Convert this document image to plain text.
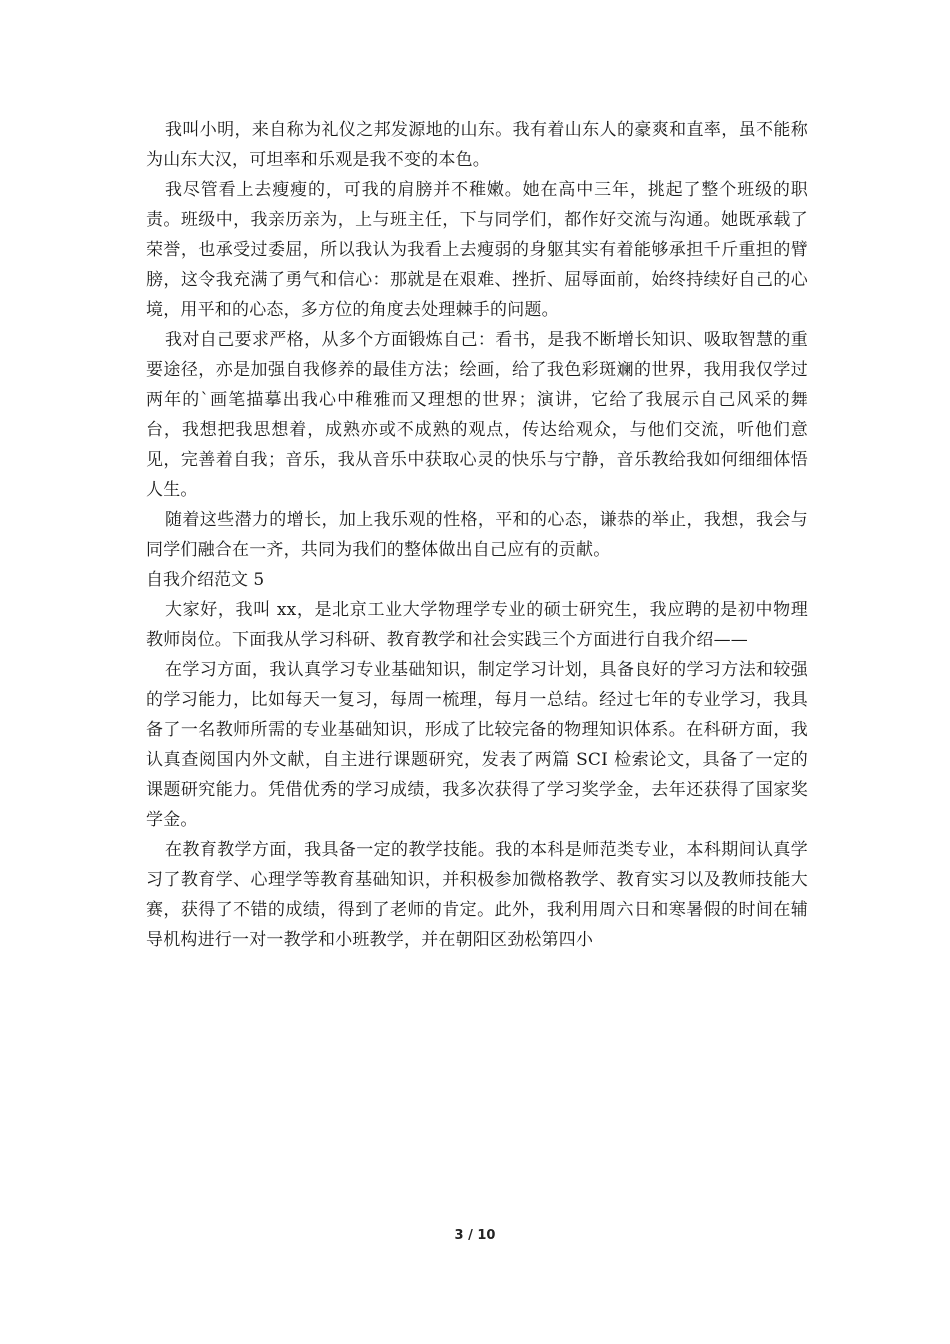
我叫小明，来自称为礼仪之邦发源地的山东。我有着山东人的豪爽和直率，虽不能称为山东大汉，可坦率和乐观是我不变的本色。

我尽管看上去瘦瘦的，可我的肩膀并不稚嫩。她在高中三年，挑起了整个班级的职责。班级中，我亲历亲为，上与班主任，下与同学们，都作好交流与沟通。她既承载了荣誉，也承受过委屈，所以我认为我看上去瘦弱的身躯其实有着能够承担千斤重担的臂膀，这令我充满了勇气和信心：那就是在艰难、挫折、屈辱面前，始终持续好自己的心境，用平和的心态，多方位的角度去处理棘手的问题。

我对自己要求严格，从多个方面锻炼自己：看书，是我不断增长知识、吸取智慧的重要途径，亦是加强自我修养的最佳方法；绘画，给了我色彩斑斓的世界，我用我仅学过两年的`画笔描摹出我心中稚雅而又理想的世界；演讲，它给了我展示自己风采的舞台，我想把我思想着，成熟亦或不成熟的观点，传达给观众，与他们交流，听他们意见，完善着自我；音乐，我从音乐中获取心灵的快乐与宁静，音乐教给我如何细细体悟人生。

随着这些潜力的增长，加上我乐观的性格，平和的心态，谦恭的举止，我想，我会与同学们融合在一齐，共同为我们的整体做出自己应有的贡献。

自我介绍范文 5

大家好，我叫 xx，是北京工业大学物理学专业的硕士研究生，我应聘的是初中物理教师岗位。下面我从学习科研、教育教学和社会实践三个方面进行自我介绍——

在学习方面，我认真学习专业基础知识，制定学习计划，具备良好的学习方法和较强的学习能力，比如每天一复习，每周一梳理，每月一总结。经过七年的专业学习，我具备了一名教师所需的专业基础知识，形成了比较完备的物理知识体系。在科研方面，我认真查阅国内外文献，自主进行课题研究，发表了两篇 SCI 检索论文，具备了一定的课题研究能力。凭借优秀的学习成绩，我多次获得了学习奖学金，去年还获得了国家奖学金。

在教育教学方面，我具备一定的教学技能。我的本科是师范类专业，本科期间认真学习了教育学、心理学等教育基础知识，并积极参加微格教学、教育实习以及教师技能大赛，获得了不错的成绩，得到了老师的肯定。此外，我利用周六日和寒暑假的时间在辅导机构进行一对一教学和小班教学，并在朝阳区劲松第四小

3 / 10
